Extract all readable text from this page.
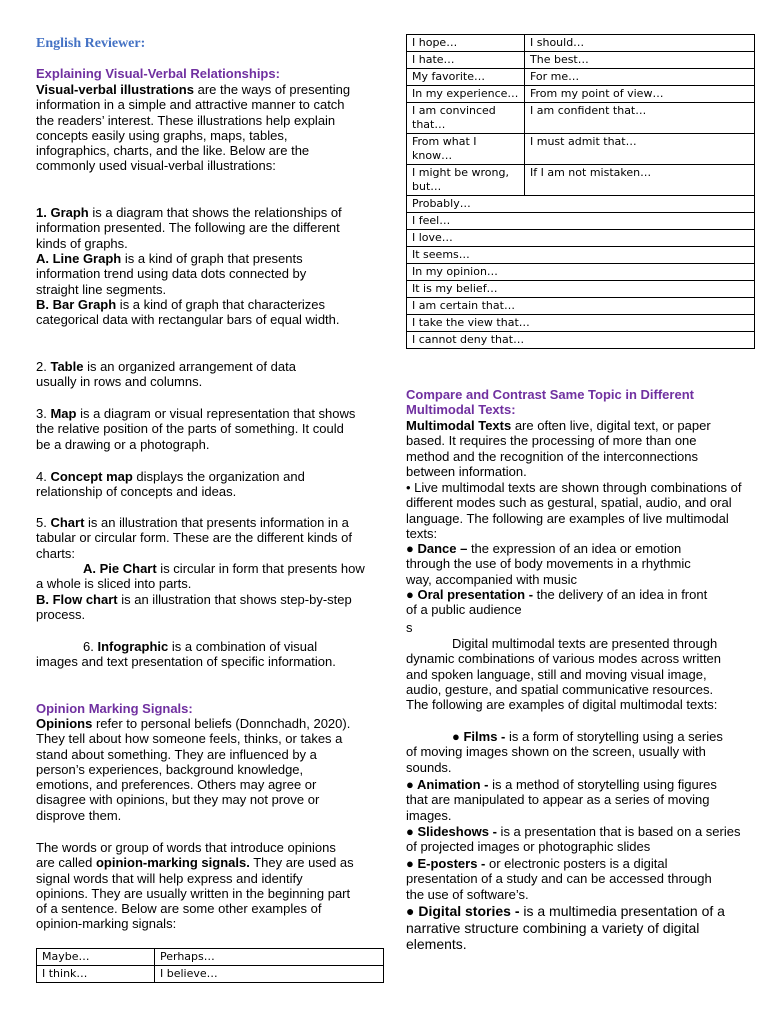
English Reviewer:
Explaining Visual-Verbal Relationships:

Visual-verbal illustrations are the ways of presenting information in a simple and attractive manner to catch the readers’ interest. These illustrations help explain concepts easily using graphs, maps, tables, infographics, charts, and the like. Below are the commonly used visual-verbal illustrations:

1. Graph is a diagram that shows the relationships of information presented. The following are the different kinds of graphs.

A. Line Graph is a kind of graph that presents information trend using data dots connected by straight line segments.

B. Bar Graph is a kind of graph that characterizes categorical data with rectangular bars of equal width.

2. Table is an organized arrangement of data usually in rows and columns.

3. Map is a diagram or visual representation that shows the relative position of the parts of something. It could be a drawing or a photograph.

4. Concept map displays the organization and relationship of concepts and ideas.

5. Chart is an illustration that presents information in a tabular or circular form. These are the different kinds of charts:

A. Pie Chart is circular in form that presents how a whole is sliced into parts.

B. Flow chart is an illustration that shows step-by-step process.

6. Infographic is a combination of visual images and text presentation of specific information.

Opinion Marking Signals:

Opinions refer to personal beliefs (Donnchadh, 2020). They tell about how someone feels, thinks, or takes a stand about something. They are influenced by a person’s experiences, background knowledge, emotions, and preferences. Others may agree or disagree with opinions, but they may not prove or disprove them.

The words or group of words that introduce opinions are called opinion-marking signals. They are used as signal words that will help express and identify opinions. They are usually written in the beginning part of a sentence. Below are some other examples of opinion-marking signals:

Maybe…	Perhaps…
I think…	I believe…
I hope…	I should…
I hate…	The best…
My favorite…	For me…
In my experience…	From my point of view…
I am convinced that…	I am confident that…
From what I know…	I must admit that…
I might be wrong, but…	If I am not mistaken…
Probably…	
I feel…	
I love…	
It seems…	
In my opinion…	
It is my belief…	
I am certain that…	
I take the view that…	
I cannot deny that…	
Compare and Contrast Same Topic in Different Multimodal Texts:

Multimodal Texts are often live, digital text, or paper based. It requires the processing of more than one method and the recognition of the interconnections between information.

• Live multimodal texts are shown through combinations of different modes such as gestural, spatial, audio, and oral language. The following are examples of live multimodal texts:

● Dance – the expression of an idea or emotion through the use of body movements in a rhythmic way, accompanied with music

● Oral presentation - the delivery of an idea in front of a public audience

s

Digital multimodal texts are presented through dynamic combinations of various modes across written and spoken language, still and moving visual image, audio, gesture, and spatial communicative resources. The following are examples of digital multimodal texts:

● Films - is a form of storytelling using a series of moving images shown on the screen, usually with sounds.

● Animation - is a method of storytelling using figures that are manipulated to appear as a series of moving images.

● Slideshows - is a presentation that is based on a series of projected images or photographic slides

● E-posters - or electronic posters is a digital presentation of a study and can be accessed through the use of software’s.

● Digital stories - is a multimedia presentation of a narrative structure combining a variety of digital elements.
